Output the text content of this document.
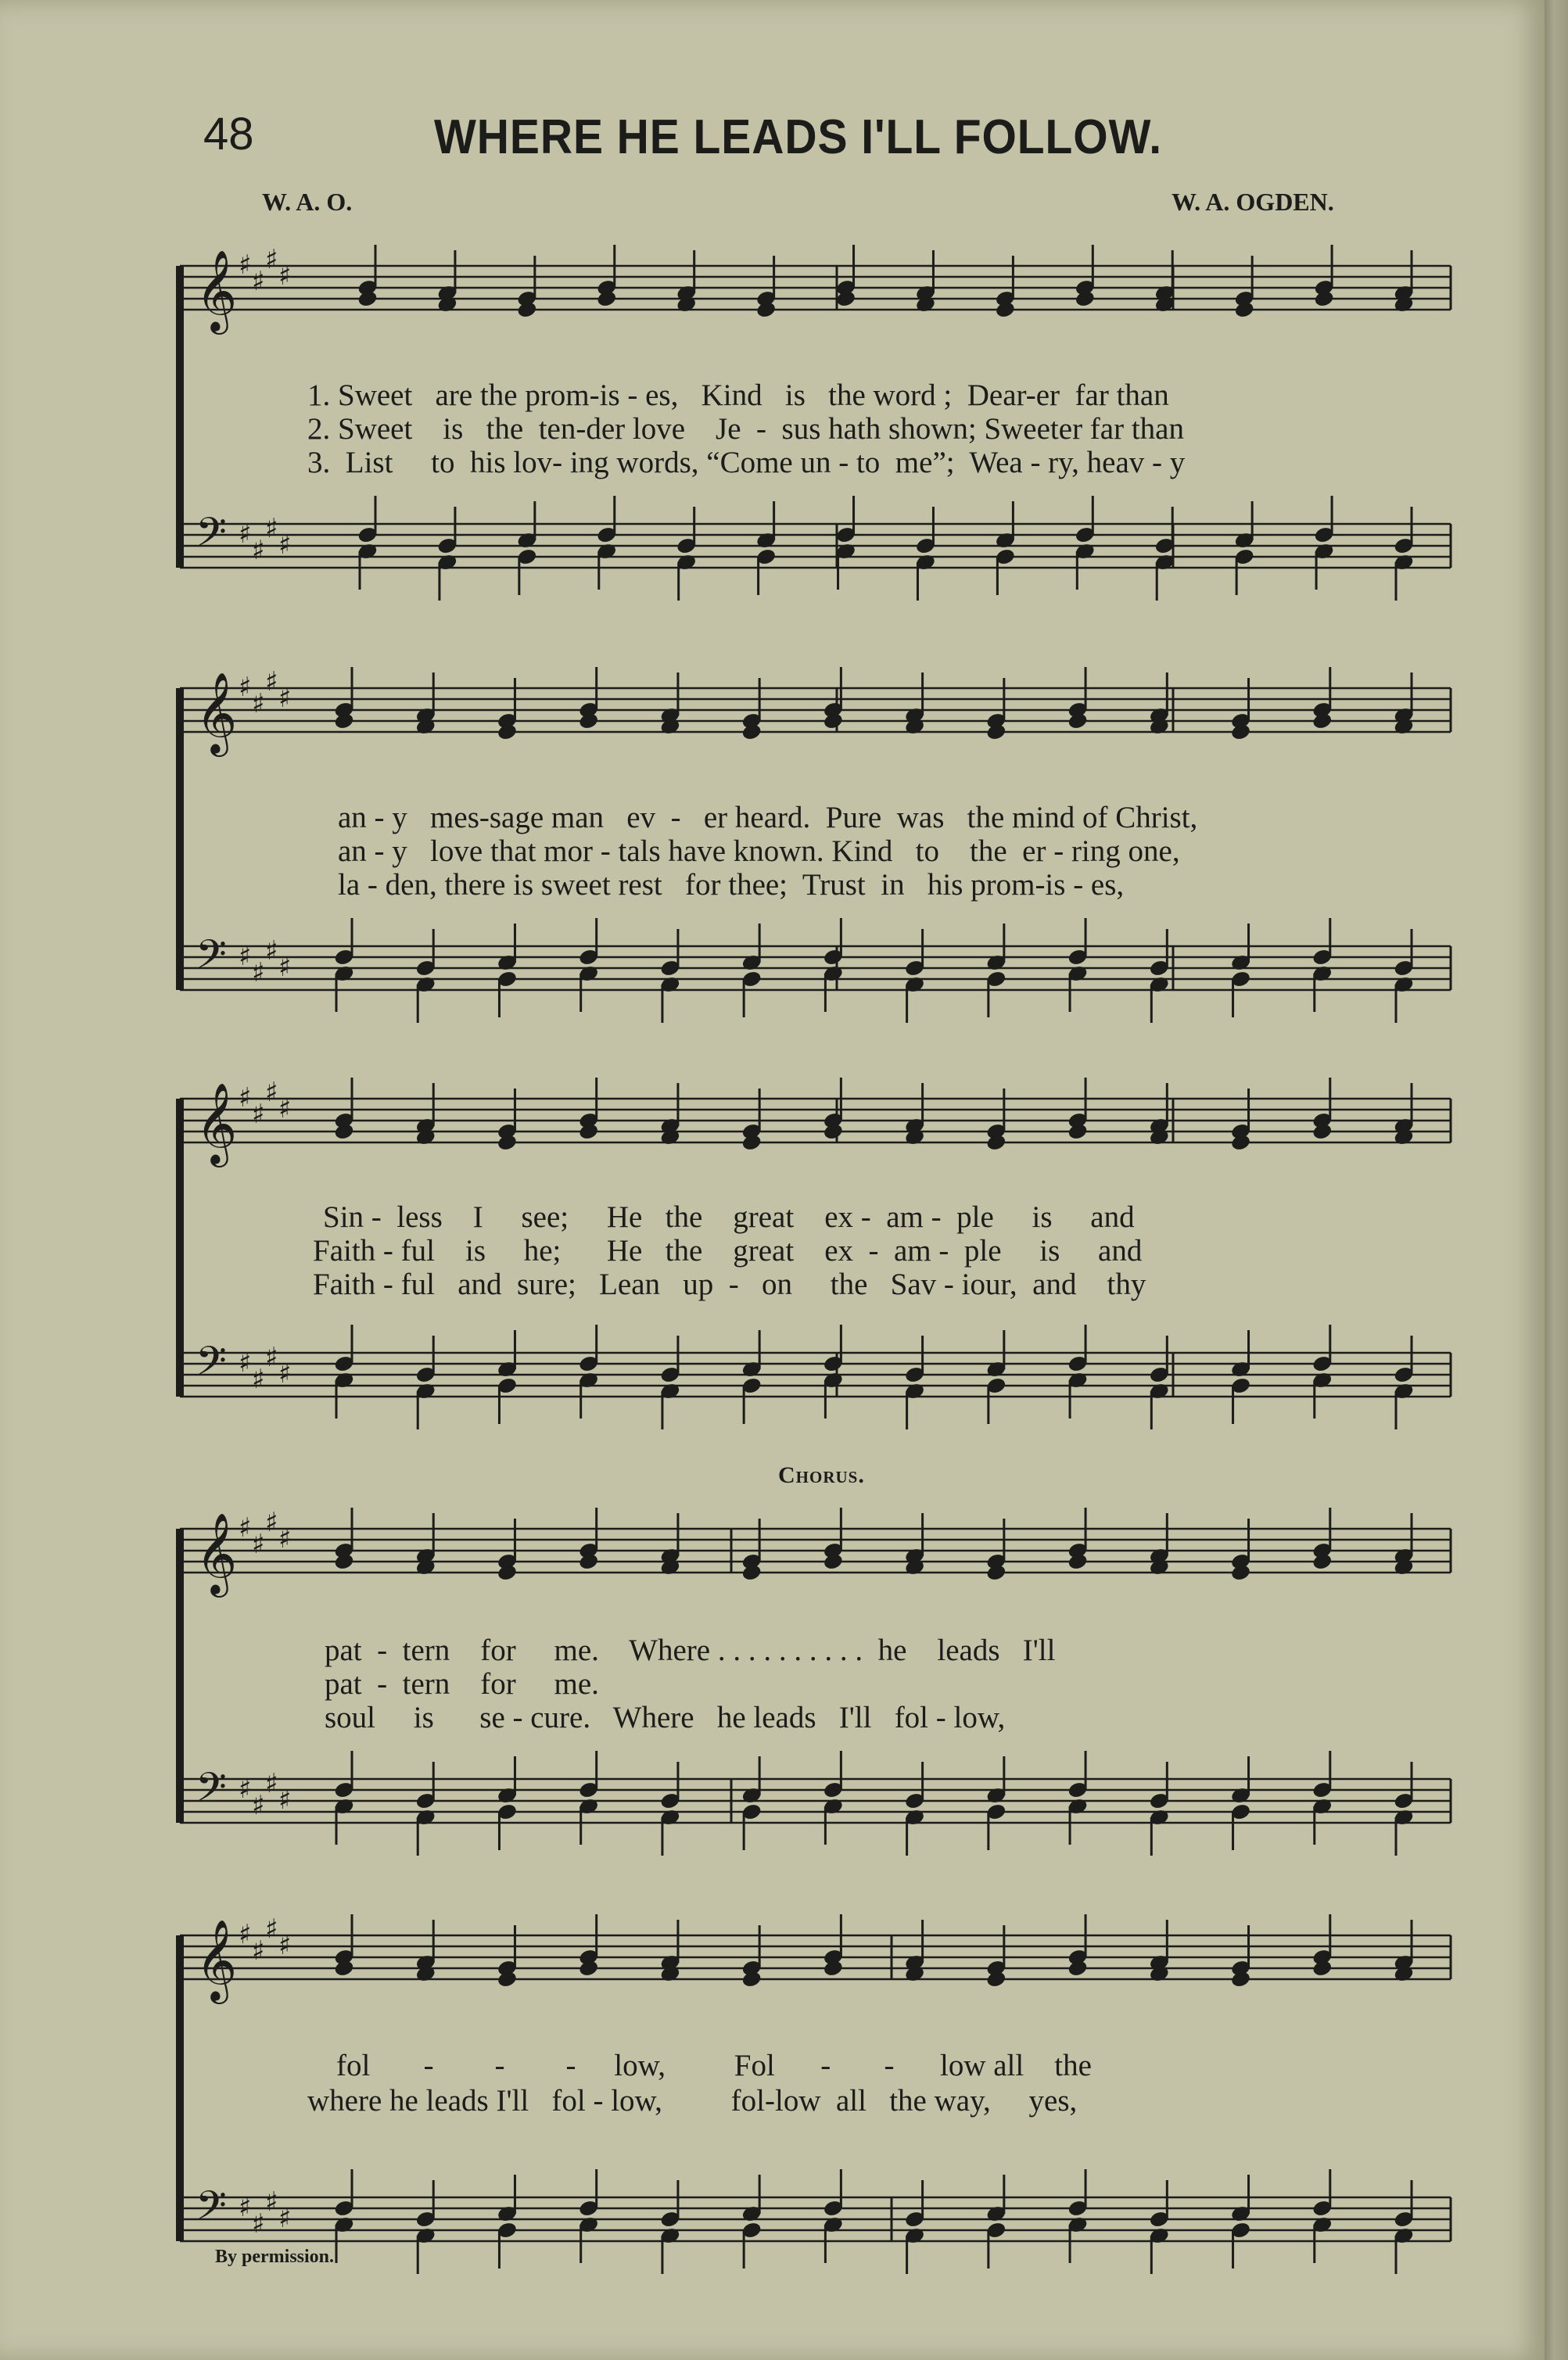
48	WHERE HE LEADS I'LL FOLLOW.
W. A. O.	W. A. OGDEN.
♯
♯
♯
♯
𝄞
♯
♯
♯
♯
𝄢
♯
♯
♯
♯
𝄞
♯
♯
♯
♯
𝄢
♯
♯
♯
♯
𝄞
♯
♯
♯
♯
𝄢
♯
♯
♯
♯
𝄞
♯
♯
♯
♯
𝄢
♯
♯
♯
♯
𝄞
♯
♯
♯
♯
𝄢
1. Sweet   are the prom-is - es,   Kind   is   the word ;  Dear-er  far than
2. Sweet    is   the  ten-der love    Je  -  sus hath shown; Sweeter far than
3.  List     to  his lov- ing words, “Come un - to  me”;  Wea - ry, heav - y
an - y   mes-sage man   ev  -   er heard.  Pure  was   the mind of Christ,
an - y   love that mor - tals have known. Kind   to    the  er - ring one,
la - den, there is sweet rest   for thee;  Trust  in   his prom-is - es,
Sin -  less    I     see;     He   the    great    ex -  am -  ple     is     and
Faith - ful    is     he;      He   the    great    ex  -  am -  ple     is     and
Faith - ful   and  sure;   Lean   up  -   on     the   Sav - iour,  and    thy
Chorus.
pat  -  tern    for     me.    Where . . . . . . . . . .  he    leads   I'll
pat  -  tern    for     me.
soul     is      se - cure.   Where   he leads   I'll   fol - low,
fol       -        -        -     low,         Fol      -       -      low all    the
where he leads I'll   fol - low,         fol-low  all   the way,     yes,
By permission.
